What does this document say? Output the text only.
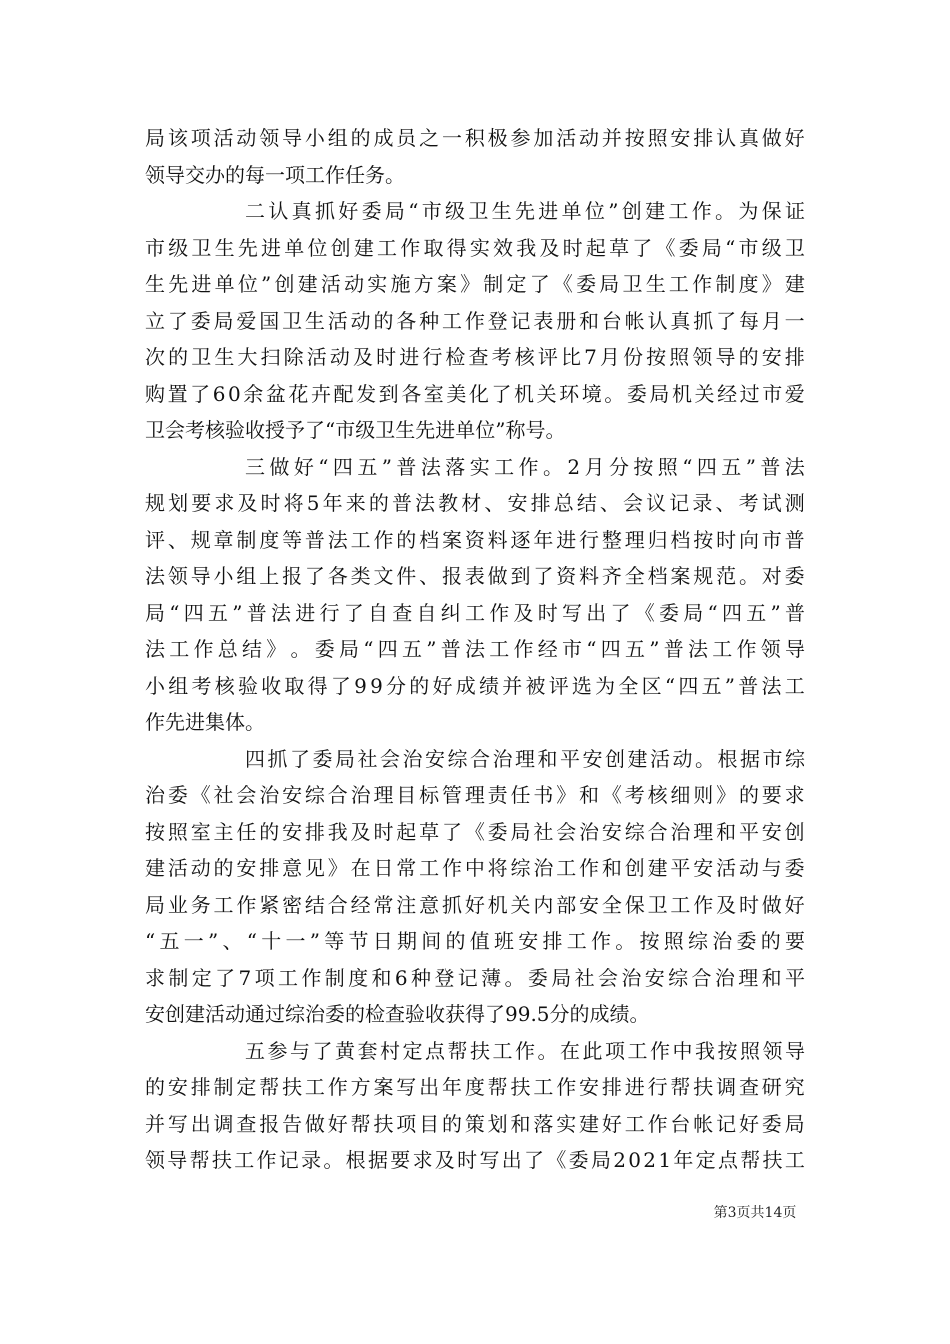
局 该 项 活 动 领 导 小 组 的 成 员 之 一 积 极 参 加 活 动 并 按 照 安 排 认 真 做 好
领导交办的每一项工作任务。
二 认 真 抓 好 委 局 “ 市 级 卫 生 先 进 单 位 ” 创 建 工 作 。 为 保 证
市 级 卫 生 先 进 单 位 创 建 工 作 取 得 实 效 我 及 时 起 草 了 《 委 局 “ 市 级 卫
生 先 进 单 位 ” 创 建 活 动 实 施 方 案 》 制 定 了 《 委 局 卫 生 工 作 制 度 》 建
立 了 委 局 爱 国 卫 生 活 动 的 各 种 工 作 登 记 表 册 和 台 帐 认 真 抓 了 每 月 一
次 的 卫 生 大 扫 除 活 动 及 时 进 行 检 查 考 核 评 比 7 月 份 按 照 领 导 的 安 排
购 置 了 6 0 余 盆 花 卉 配 发 到 各 室 美 化 了 机 关 环 境 。 委 局 机 关 经 过 市 爱
卫会考核验收授予了“市级卫生先进单位”称号。
三 做 好 “ 四 五 ” 普 法 落 实 工 作 。 2 月 分 按 照 “ 四 五 ” 普 法
规 划 要 求 及 时 将 5 年 来 的 普 法 教 材 、 安 排 总 结 、 会 议 记 录 、 考 试 测
评 、 规 章 制 度 等 普 法 工 作 的 档 案 资 料 逐 年 进 行 整 理 归 档 按 时 向 市 普
法 领 导 小 组 上 报 了 各 类 文 件 、 报 表 做 到 了 资 料 齐 全 档 案 规 范 。 对 委
局 “ 四 五 ” 普 法 进 行 了 自 查 自 纠 工 作 及 时 写 出 了 《 委 局 “ 四 五 ” 普
法 工 作 总 结 》 。 委 局 “ 四 五 ” 普 法 工 作 经 市 “ 四 五 ” 普 法 工 作 领 导
小 组 考 核 验 收 取 得 了 9 9 分 的 好 成 绩 并 被 评 选 为 全 区 “ 四 五 ” 普 法 工
作先进集体。
四 抓 了 委 局 社 会 治 安 综 合 治 理 和 平 安 创 建 活 动 。 根 据 市 综
治 委 《 社 会 治 安 综 合 治 理 目 标 管 理 责 任 书 》 和 《 考 核 细 则 》 的 要 求
按 照 室 主 任 的 安 排 我 及 时 起 草 了 《 委 局 社 会 治 安 综 合 治 理 和 平 安 创
建 活 动 的 安 排 意 见 》 在 日 常 工 作 中 将 综 治 工 作 和 创 建 平 安 活 动 与 委
局 业 务 工 作 紧 密 结 合 经 常 注 意 抓 好 机 关 内 部 安 全 保 卫 工 作 及 时 做 好
“ 五 一 ” 、 “ 十 一 ” 等 节 日 期 间 的 值 班 安 排 工 作 。 按 照 综 治 委 的 要
求 制 定 了 7 项 工 作 制 度 和 6 种 登 记 薄 。 委 局 社 会 治 安 综 合 治 理 和 平
安创建活动通过综治委的检查验收获得了99.5分的成绩。
五 参 与 了 黄 套 村 定 点 帮 扶 工 作 。 在 此 项 工 作 中 我 按 照 领 导
的 安 排 制 定 帮 扶 工 作 方 案 写 出 年 度 帮 扶 工 作 安 排 进 行 帮 扶 调 查 研 究
并 写 出 调 查 报 告 做 好 帮 扶 项 目 的 策 划 和 落 实 建 好 工 作 台 帐 记 好 委 局
领 导 帮 扶 工 作 记 录 。 根 据 要 求 及 时 写 出 了 《 委 局 2 0 2 1 年 定 点 帮 扶 工
第3页共14页
